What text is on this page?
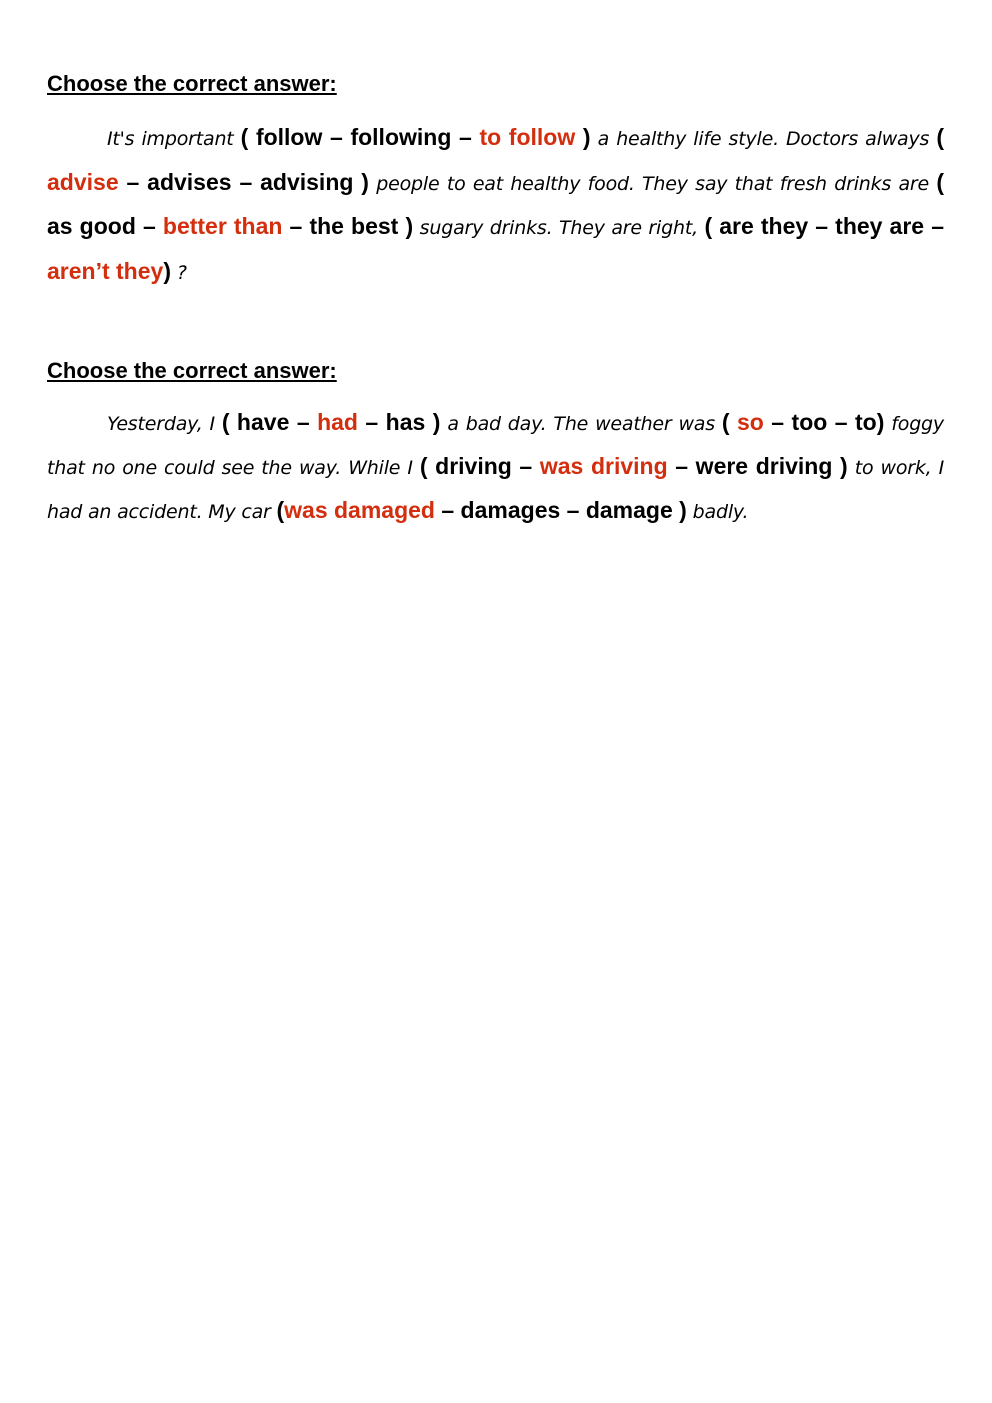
Choose the correct answer:

It's important ( follow – following – to follow ) a healthy life style. Doctors always ( advise – advises – advising ) people to eat healthy food. They say that fresh drinks are ( as good – better than – the best ) sugary drinks. They are right, ( are they – they are – aren’t they) ?

Choose the correct answer:

Yesterday, I ( have – had – has ) a bad day. The weather was ( so – too – to) foggy that no one could see the way. While I ( driving – was driving – were driving ) to work, I had an accident. My car (was damaged – damages – damage ) badly.
